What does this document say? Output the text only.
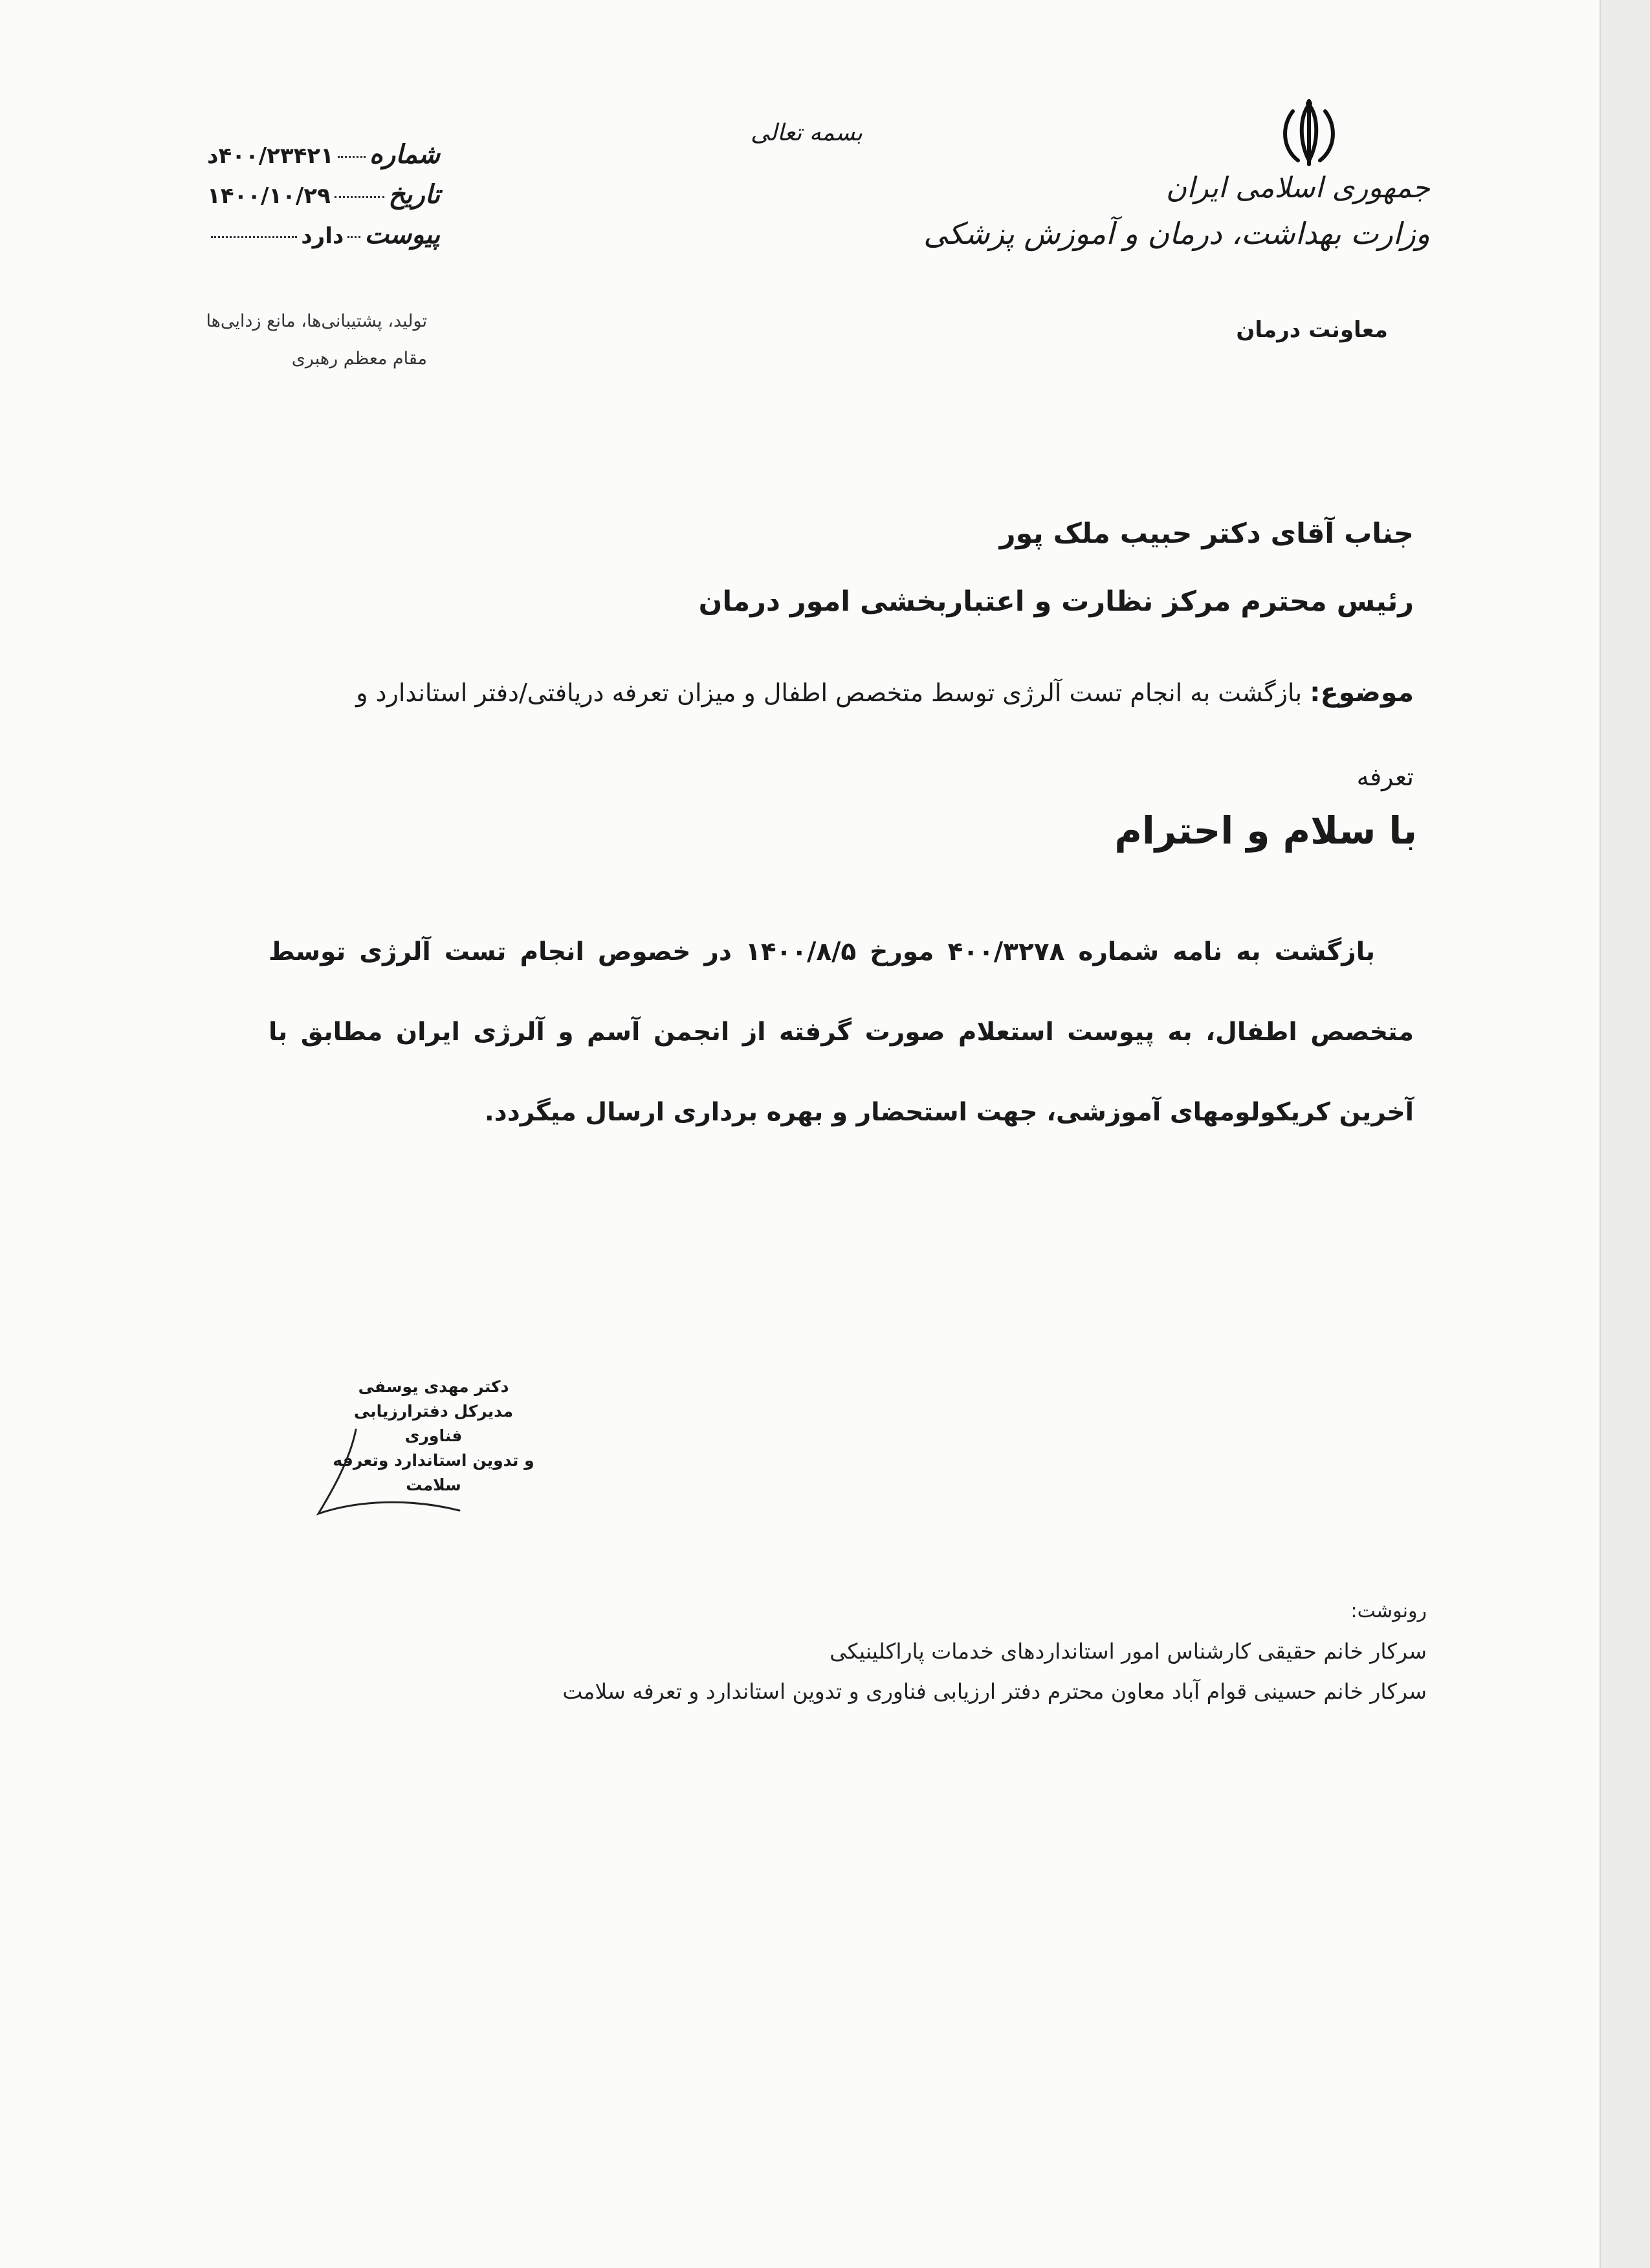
جمهوری اسلامی ایران
وزارت بهداشت، درمان و آموزش پزشکی
معاونت درمان
بسمه تعالی
شماره
۴۰۰/۲۳۴۲۱د
تاریخ
۱۴۰۰/۱۰/۲۹
پیوست
دارد
تولید، پشتیبانی‌ها، مانع زدایی‌ها
مقام معظم رهبری
جناب آقای دکتر حبیب ملک پور
رئیس محترم مرکز نظارت و اعتباربخشی امور درمان
موضوع: بازگشت به انجام تست آلرژی توسط متخصص اطفال و میزان تعرفه دریافتی/دفتر استاندارد و تعرفه
با سلام و احترام

بازگشت به نامه شماره ۴۰۰/۳۲۷۸ مورخ ۱۴۰۰/۸/۵ در خصوص انجام تست آلرژی توسط متخصص اطفال، به پیوست استعلام صورت گرفته از انجمن آسم و آلرژی ایران مطابق با آخرین کریکولومهای آموزشی، جهت استحضار و بهره برداری ارسال میگردد.

دکتر مهدی یوسفی
مدیرکل دفترارزیابی فناوری
و تدوین استاندارد وتعرفه سلامت
رونوشت:
سرکار خانم حقیقی کارشناس امور استانداردهای خدمات پاراکلینیکی
سرکار خانم حسینی قوام آباد معاون محترم دفتر ارزیابی فناوری و تدوین استاندارد و تعرفه سلامت
